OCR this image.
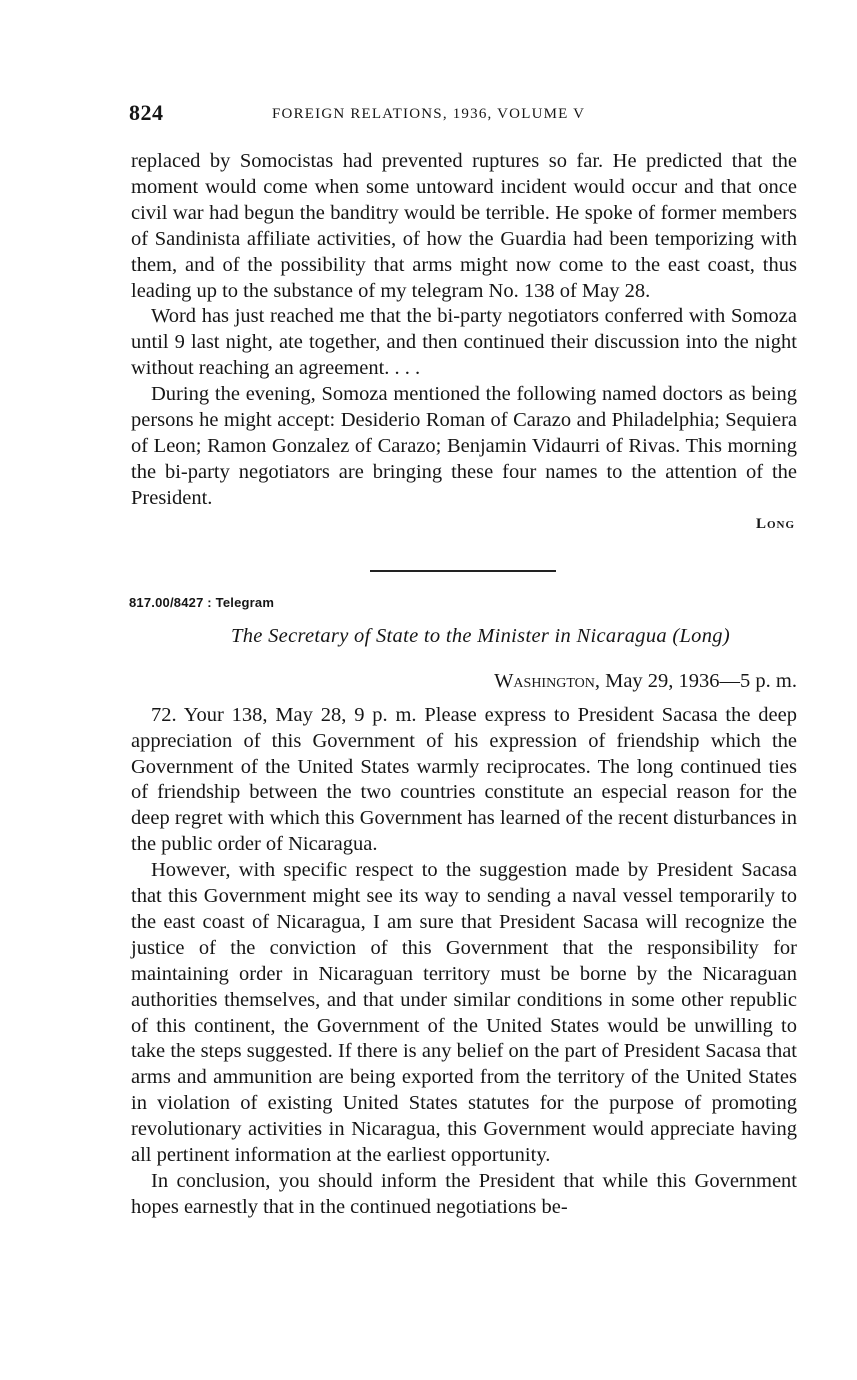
824	FOREIGN RELATIONS, 1936, VOLUME V

replaced by Somocistas had prevented ruptures so far. He predicted that the moment would come when some untoward incident would occur and that once civil war had begun the banditry would be terrible. He spoke of former members of Sandinista affiliate activities, of how the Guardia had been temporizing with them, and of the possibility that arms might now come to the east coast, thus leading up to the substance of my telegram No. 138 of May 28.

Word has just reached me that the bi-party negotiators conferred with Somoza until 9 last night, ate together, and then continued their discussion into the night without reaching an agreement. . . .

During the evening, Somoza mentioned the following named doctors as being persons he might accept: Desiderio Roman of Carazo and Philadelphia; Sequiera of Leon; Ramon Gonzalez of Carazo; Benjamin Vidaurri of Rivas. This morning the bi-party negotiators are bringing these four names to the attention of the President.

Long
817.00/8427 : Telegram
The Secretary of State to the Minister in Nicaragua (Long)
Washington, May 29, 1936—5 p. m.

72. Your 138, May 28, 9 p. m. Please express to President Sacasa the deep appreciation of this Government of his expression of friendship which the Government of the United States warmly reciprocates. The long continued ties of friendship between the two countries constitute an especial reason for the deep regret with which this Government has learned of the recent disturbances in the public order of Nicaragua.

However, with specific respect to the suggestion made by President Sacasa that this Government might see its way to sending a naval vessel temporarily to the east coast of Nicaragua, I am sure that President Sacasa will recognize the justice of the conviction of this Government that the responsibility for maintaining order in Nicaraguan territory must be borne by the Nicaraguan authorities themselves, and that under similar conditions in some other republic of this continent, the Government of the United States would be unwilling to take the steps suggested. If there is any belief on the part of President Sacasa that arms and ammunition are being exported from the territory of the United States in violation of existing United States statutes for the purpose of promoting revolutionary activities in Nicaragua, this Government would appreciate having all pertinent information at the earliest opportunity.

In conclusion, you should inform the President that while this Government hopes earnestly that in the continued negotiations be-
